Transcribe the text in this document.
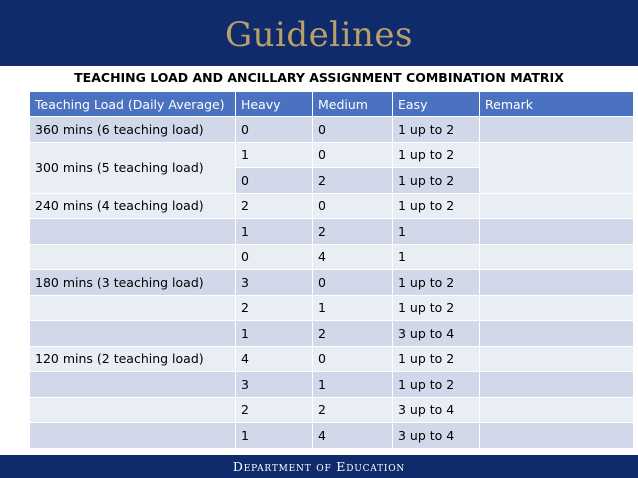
Guidelines
TEACHING LOAD AND ANCILLARY ASSIGNMENT COMBINATION MATRIX
Teaching Load (Daily Average)	Heavy	Medium	Easy	Remark
360 mins (6 teaching load)	0	0	1 up to 2	
300 mins (5 teaching load)	1	0	1 up to 2	
	0	2	1 up to 2	
240 mins (4 teaching load)	2	0	1 up to 2	
	1	2	1	
	0	4	1	
180 mins (3 teaching load)	3	0	1 up to 2	
	2	1	1 up to 2	
	1	2	3 up to 4	
120 mins (2 teaching load)	4	0	1 up to 2	
	3	1	1 up to 2	
	2	2	3 up to 4	
	1	4	3 up to 4	
Department of Education
